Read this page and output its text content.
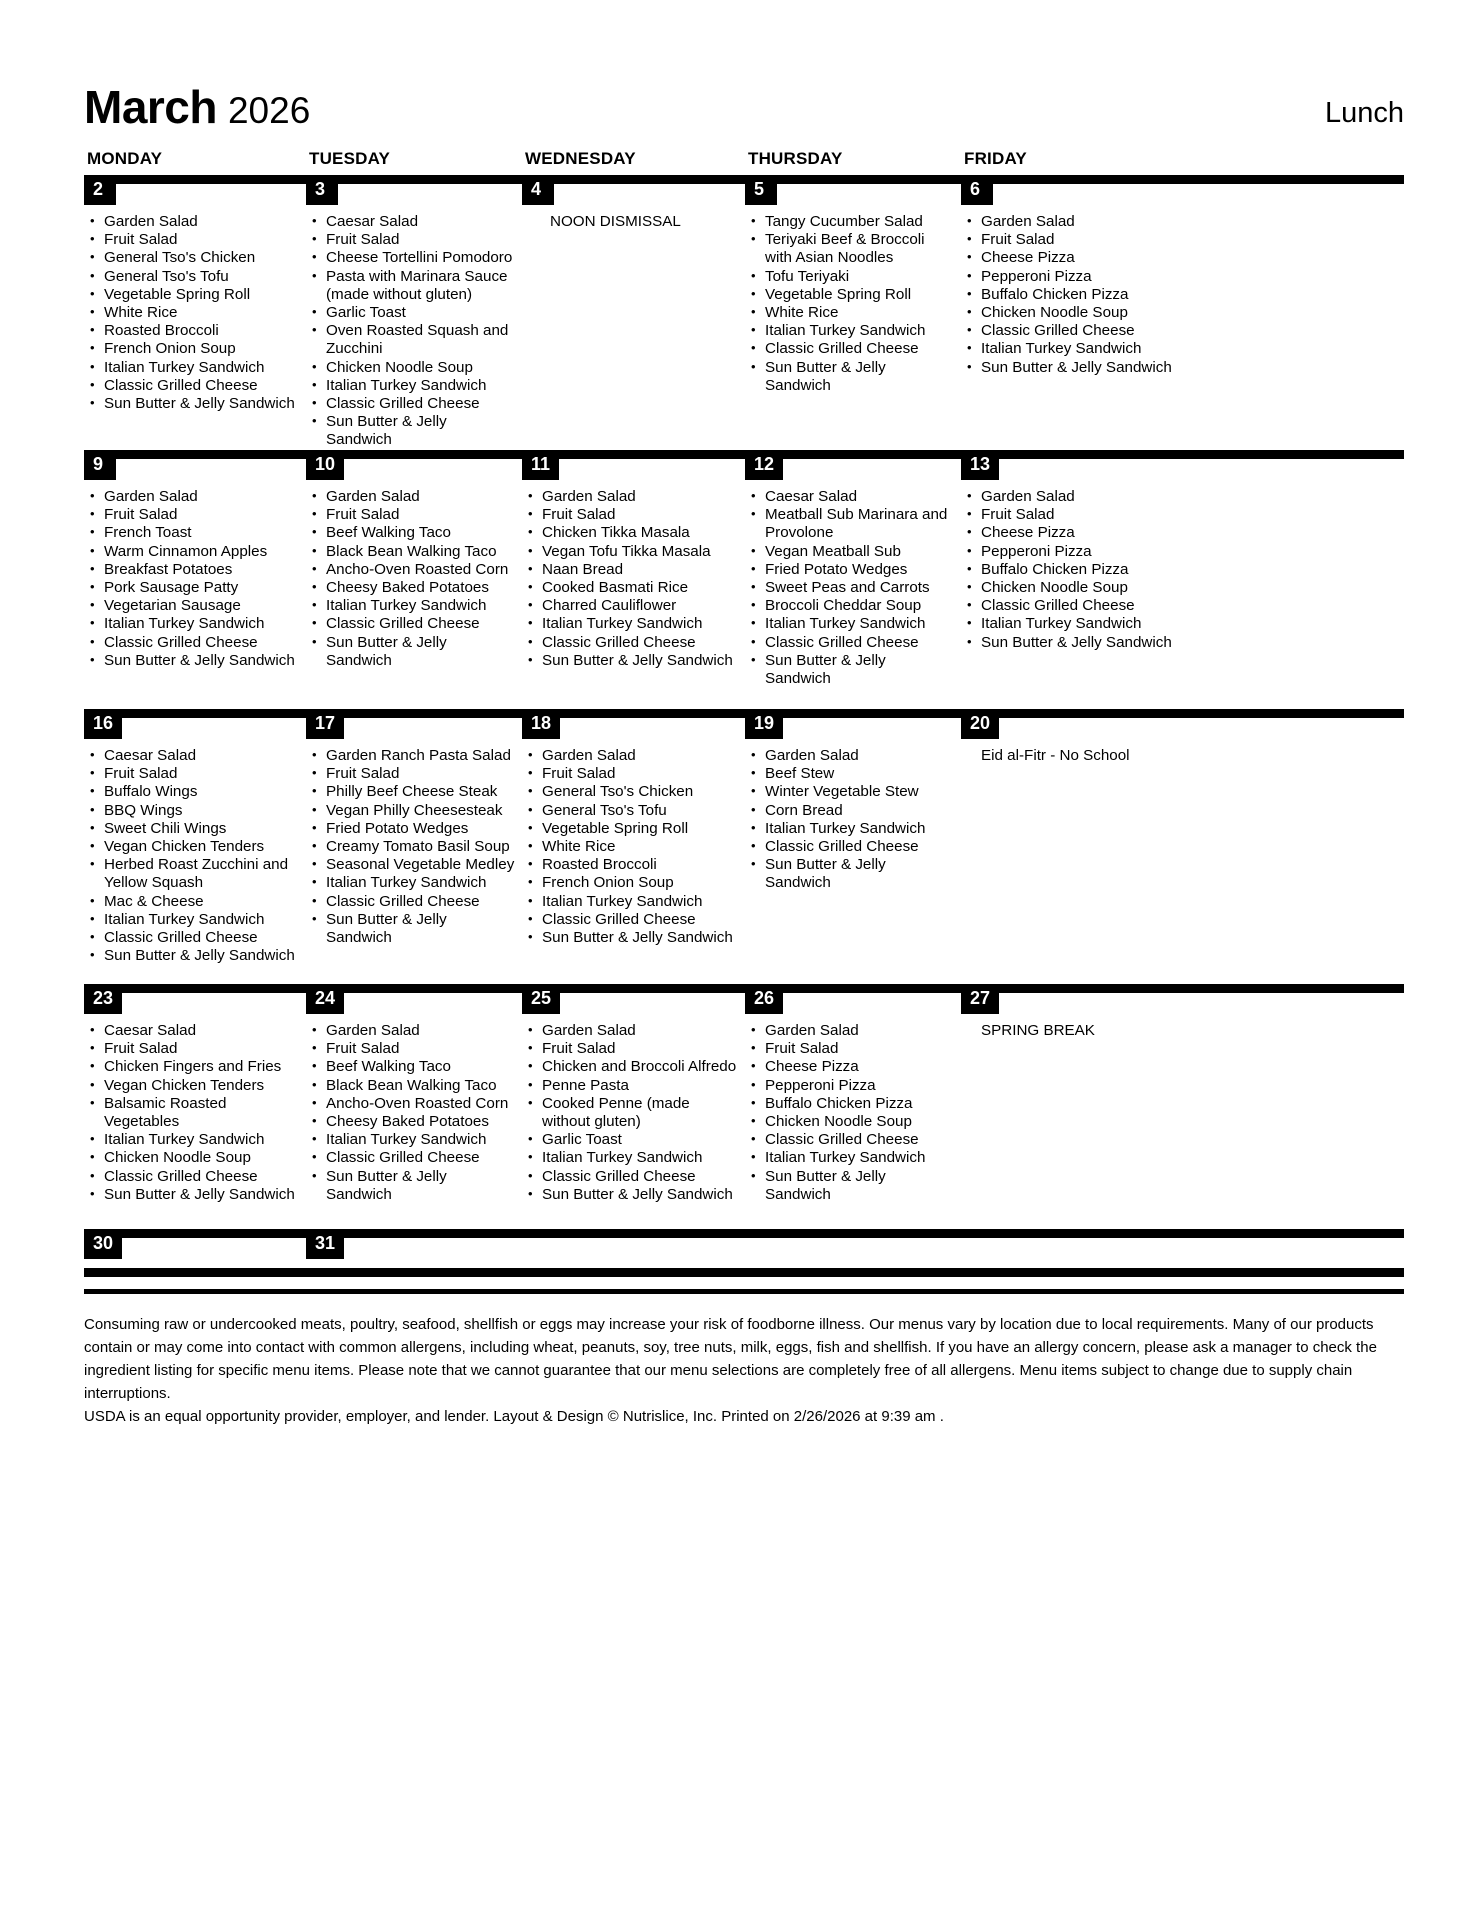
March 2026	Lunch
MONDAY	TUESDAY	WEDNESDAY	THURSDAY	FRIDAY
2
• Garden Salad
• Fruit Salad
• General Tso's Chicken
• General Tso's Tofu
• Vegetable Spring Roll
• White Rice
• Roasted Broccoli
• French Onion Soup
• Italian Turkey Sandwich
• Classic Grilled Cheese
• Sun Butter & Jelly Sandwich
3
• Caesar Salad
• Fruit Salad
• Cheese Tortellini Pomodoro
• Pasta with Marinara Sauce (made without gluten)
• Garlic Toast
• Oven Roasted Squash and Zucchini
• Chicken Noodle Soup
• Italian Turkey Sandwich
• Classic Grilled Cheese
• Sun Butter & Jelly Sandwich
4
NOON DISMISSAL
5
• Tangy Cucumber Salad
• Teriyaki Beef & Broccoli with Asian Noodles
• Tofu Teriyaki
• Vegetable Spring Roll
• White Rice
• Italian Turkey Sandwich
• Classic Grilled Cheese
• Sun Butter & Jelly Sandwich
6
• Garden Salad
• Fruit Salad
• Cheese Pizza
• Pepperoni Pizza
• Buffalo Chicken Pizza
• Chicken Noodle Soup
• Classic Grilled Cheese
• Italian Turkey Sandwich
• Sun Butter & Jelly Sandwich
9
• Garden Salad
• Fruit Salad
• French Toast
• Warm Cinnamon Apples
• Breakfast Potatoes
• Pork Sausage Patty
• Vegetarian Sausage
• Italian Turkey Sandwich
• Classic Grilled Cheese
• Sun Butter & Jelly Sandwich
10
• Garden Salad
• Fruit Salad
• Beef Walking Taco
• Black Bean Walking Taco
• Ancho-Oven Roasted Corn
• Cheesy Baked Potatoes
• Italian Turkey Sandwich
• Classic Grilled Cheese
• Sun Butter & Jelly Sandwich
11
• Garden Salad
• Fruit Salad
• Chicken Tikka Masala
• Vegan Tofu Tikka Masala
• Naan Bread
• Cooked Basmati Rice
• Charred Cauliflower
• Italian Turkey Sandwich
• Classic Grilled Cheese
• Sun Butter & Jelly Sandwich
12
• Caesar Salad
• Meatball Sub Marinara and Provolone
• Vegan Meatball Sub
• Fried Potato Wedges
• Sweet Peas and Carrots
• Broccoli Cheddar Soup
• Italian Turkey Sandwich
• Classic Grilled Cheese
• Sun Butter & Jelly Sandwich
13
• Garden Salad
• Fruit Salad
• Cheese Pizza
• Pepperoni Pizza
• Buffalo Chicken Pizza
• Chicken Noodle Soup
• Classic Grilled Cheese
• Italian Turkey Sandwich
• Sun Butter & Jelly Sandwich
16
• Caesar Salad
• Fruit Salad
• Buffalo Wings
• BBQ Wings
• Sweet Chili Wings
• Vegan Chicken Tenders
• Herbed Roast Zucchini and Yellow Squash
• Mac & Cheese
• Italian Turkey Sandwich
• Classic Grilled Cheese
• Sun Butter & Jelly Sandwich
17
• Garden Ranch Pasta Salad
• Fruit Salad
• Philly Beef Cheese Steak
• Vegan Philly Cheesesteak
• Fried Potato Wedges
• Creamy Tomato Basil Soup
• Seasonal Vegetable Medley
• Italian Turkey Sandwich
• Classic Grilled Cheese
• Sun Butter & Jelly Sandwich
18
• Garden Salad
• Fruit Salad
• General Tso's Chicken
• General Tso's Tofu
• Vegetable Spring Roll
• White Rice
• Roasted Broccoli
• French Onion Soup
• Italian Turkey Sandwich
• Classic Grilled Cheese
• Sun Butter & Jelly Sandwich
19
• Garden Salad
• Beef Stew
• Winter Vegetable Stew
• Corn Bread
• Italian Turkey Sandwich
• Classic Grilled Cheese
• Sun Butter & Jelly Sandwich
20
Eid al-Fitr - No School
23
• Caesar Salad
• Fruit Salad
• Chicken Fingers and Fries
• Vegan Chicken Tenders
• Balsamic Roasted Vegetables
• Italian Turkey Sandwich
• Chicken Noodle Soup
• Classic Grilled Cheese
• Sun Butter & Jelly Sandwich
24
• Garden Salad
• Fruit Salad
• Beef Walking Taco
• Black Bean Walking Taco
• Ancho-Oven Roasted Corn
• Cheesy Baked Potatoes
• Italian Turkey Sandwich
• Classic Grilled Cheese
• Sun Butter & Jelly Sandwich
25
• Garden Salad
• Fruit Salad
• Chicken and Broccoli Alfredo
• Penne Pasta
• Cooked Penne (made without gluten)
• Garlic Toast
• Italian Turkey Sandwich
• Classic Grilled Cheese
• Sun Butter & Jelly Sandwich
26
• Garden Salad
• Fruit Salad
• Cheese Pizza
• Pepperoni Pizza
• Buffalo Chicken Pizza
• Chicken Noodle Soup
• Classic Grilled Cheese
• Italian Turkey Sandwich
• Sun Butter & Jelly Sandwich
27
SPRING BREAK
30	31

Consuming raw or undercooked meats, poultry, seafood, shellfish or eggs may increase your risk of foodborne illness. Our menus vary by location due to local requirements. Many of our products contain or may come into contact with common allergens, including wheat, peanuts, soy, tree nuts, milk, eggs, fish and shellfish. If you have an allergy concern, please ask a manager to check the ingredient listing for specific menu items. Please note that we cannot guarantee that our menu selections are completely free of all allergens. Menu items subject to change due to supply chain interruptions.

USDA is an equal opportunity provider, employer, and lender. Layout & Design © Nutrislice, Inc. Printed on 2/26/2026 at 9:39 am .
